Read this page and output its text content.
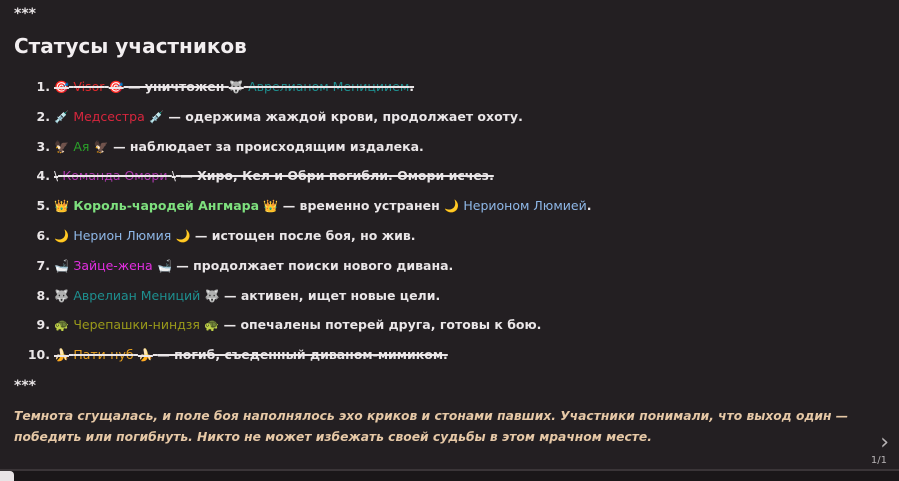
***
Статусы участников
1. 🎯 Visor 🎯 — уничтожен 🐺 Аврелианом Менициием.
2. 💉 Медсестра 💉 — одержима жаждой крови, продолжает охоту.
3. 🦅 Ая 🦅 — наблюдает за происходящим издалека.
4. \ Команда Омори \ — Хиро, Кел и Обри погибли. Омори исчез.
5. 👑 Король-чародей Ангмара 👑 — временно устранен 🌙 Нерионом Люмией.
6. 🌙 Нерион Люмия 🌙 — истощен после боя, но жив.
7. 🛁 Зайце-жена 🛁 — продолжает поиски нового дивана.
8. 🐺 Аврелиан Мениций 🐺 — активен, ищет новые цели.
9. 🐢 Черепашки-ниндзя 🐢 — опечалены потерей друга, готовы к бою.
10. 🍌 Пати-нуб 🍌 — погиб, съеденный диваном-мимиком.
***

Темнота сгущалась, и поле боя наполнялось эхо криков и стонами павших. Участники понимали, что выход один — победить или погибнуть. Никто не может избежать своей судьбы в этом мрачном месте.	›
1/1
